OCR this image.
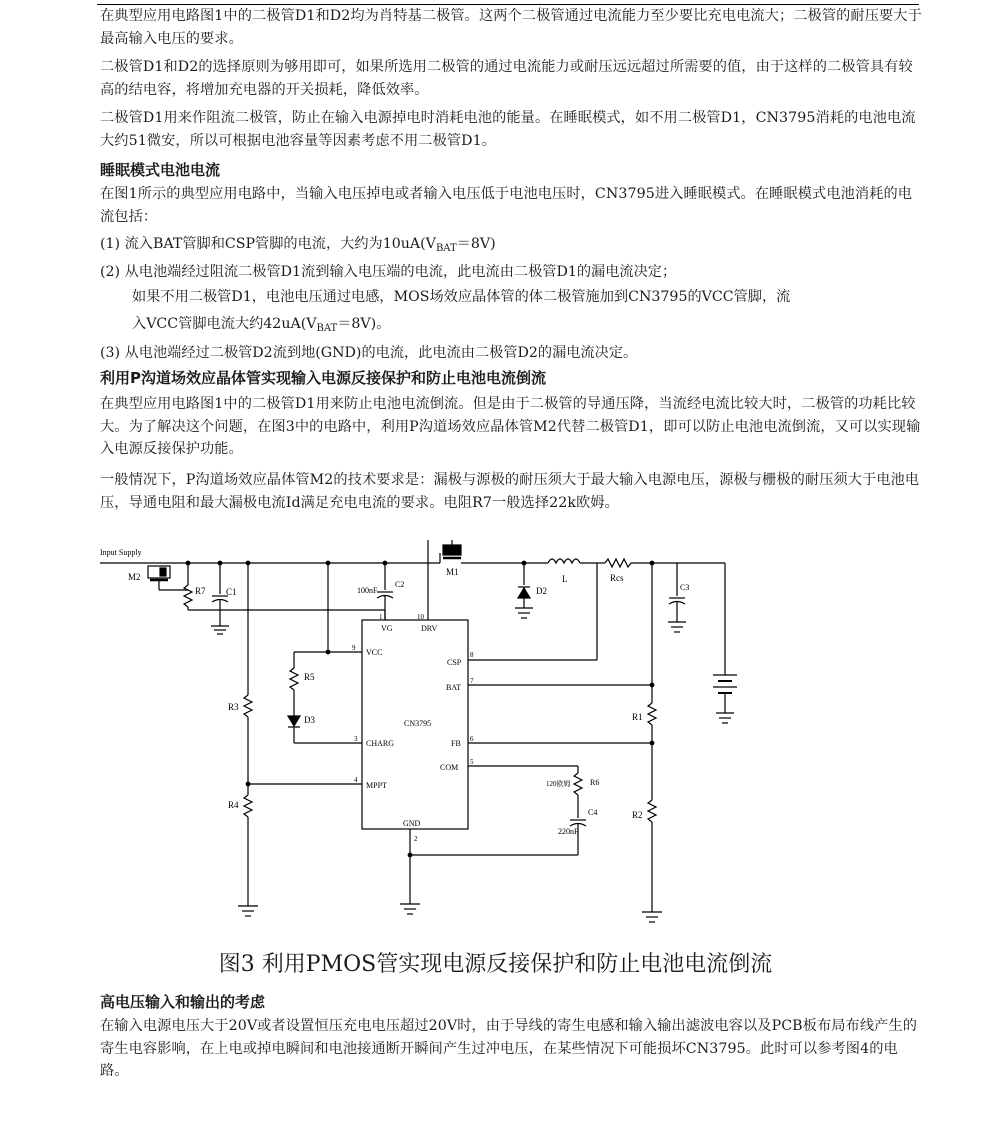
在典型应用电路图1中的二极管D1和D2均为肖特基二极管。这两个二极管通过电流能力至少要比充电电流大；二极管的耐压要大于最高输入电压的要求。

二极管D1和D2的选择原则为够用即可，如果所选用二极管的通过电流能力或耐压远远超过所需要的值，由于这样的二极管具有较高的结电容，将增加充电器的开关损耗，降低效率。

二极管D1用来作阻流二极管，防止在输入电源掉电时消耗电池的能量。在睡眠模式，如不用二极管D1，CN3795消耗的电池电流大约51微安，所以可根据电池容量等因素考虑不用二极管D1。

睡眠模式电池电流

在图1所示的典型应用电路中，当输入电压掉电或者输入电压低于电池电压时，CN3795进入睡眠模式。在睡眠模式电池消耗的电流包括：

(1) 流入BAT管脚和CSP管脚的电流，大约为$10uA(V_{BAT}=8V)$

(2) 从电池端经过阻流二极管D1流到输入电压端的电流，此电流由二极管D1的漏电流决定；

如果不用二极管D1，电池电压通过电感，MOS场效应晶体管的体二极管施加到CN3795的VCC管脚，流

入VCC管脚电流大约$42uA(V_{BAT}=8V)$。

(3) 从电池端经过二极管D2流到地(GND)的电流，此电流由二极管D2的漏电流决定。

利用P沟道场效应晶体管实现输入电源反接保护和防止电池电流倒流

在典型应用电路图1中的二极管D1用来防止电池电流倒流。但是由于二极管的导通压降，当流经电流比较大时，二极管的功耗比较大。为了解决这个问题，在图3中的电路中，利用P沟道场效应晶体管M2代替二极管D1，即可以防止电池电流倒流，又可以实现输入电源反接保护功能。

一般情况下，P沟道场效应晶体管M2的技术要求是：漏极与源极的耐压须大于最大输入电源电压，源极与栅极的耐压须大于电池电压，导通电阻和最大漏极电流Id满足充电电流的要求。电阻R7一般选择22k欧姆。

Input Supply
M2
R7 C1
R3
R4
R5
D3
100nF
C2
M1
D2
L	Rcs
C3
R1
R2
120欧姆 R6
C4
220nF
CN3795
VG	DRV
VCC
CSP
BAT
CHARG	FB
COM
MPPT
GND
1	10
9
8
7
3	6
5
4
2
图3 利用PMOS管实现电源反接保护和防止电池电流倒流
高电压输入和输出的考虑

在输入电源电压大于20V或者设置恒压充电电压超过20V时，由于导线的寄生电感和输入输出滤波电容以及PCB板布局布线产生的寄生电容影响，在上电或掉电瞬间和电池接通断开瞬间产生过冲电压，在某些情况下可能损坏CN3795。此时可以参考图4的电路。
